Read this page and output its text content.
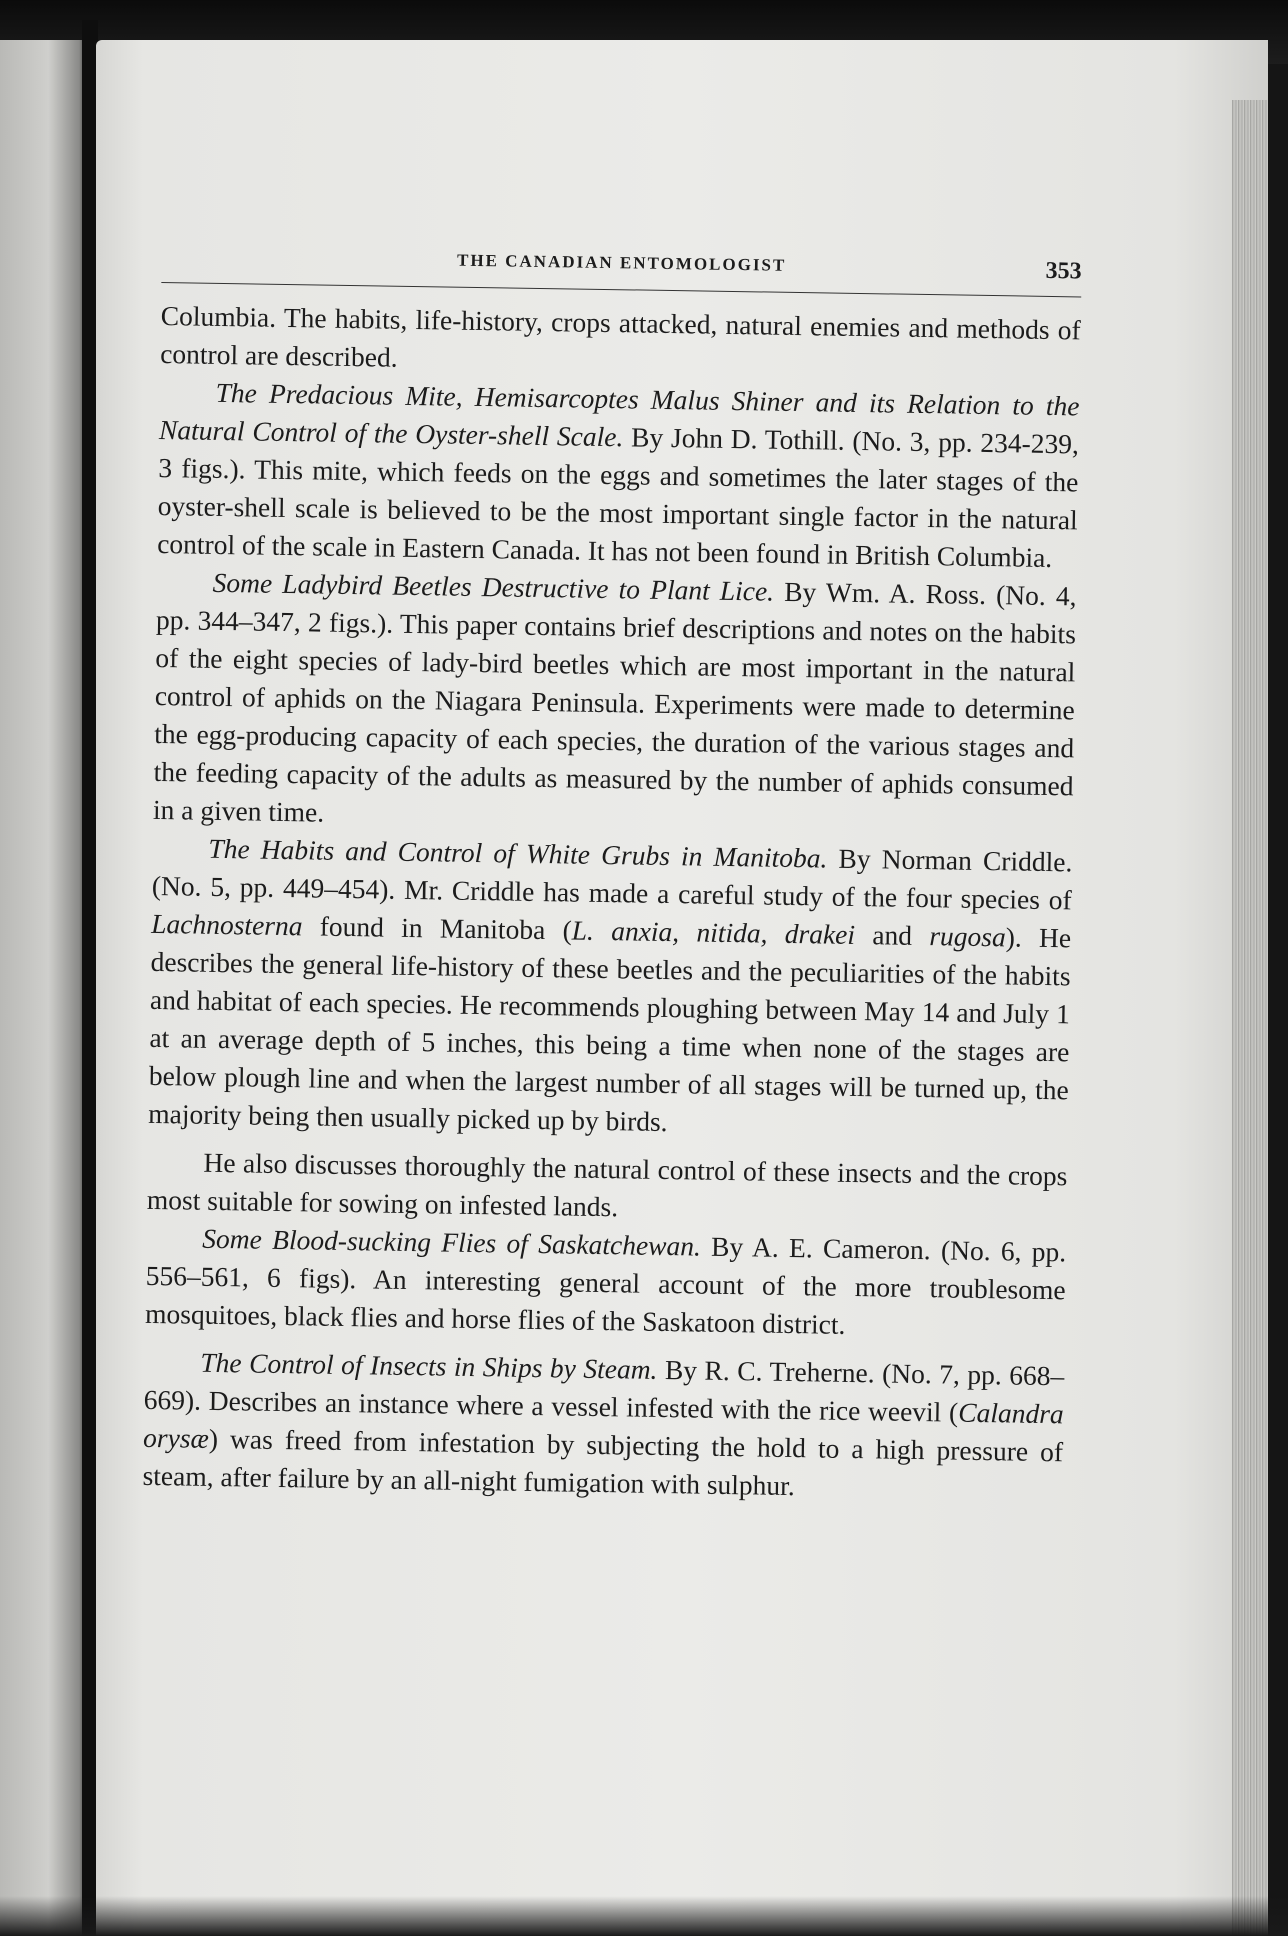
THE CANADIAN ENTOMOLOGIST	353

Columbia. The habits, life-history, crops attacked, natural enemies and methods of control are described.

The Predacious Mite, Hemisarcoptes Malus Shiner and its Relation to the Natural Control of the Oyster-shell Scale. By John D. Tothill. (No. 3, pp. 234-239, 3 figs.). This mite, which feeds on the eggs and sometimes the later stages of the oyster-shell scale is believed to be the most important single factor in the natural control of the scale in Eastern Canada. It has not been found in British Columbia.

Some Ladybird Beetles Destructive to Plant Lice. By Wm. A. Ross. (No. 4, pp. 344–347, 2 figs.). This paper contains brief descriptions and notes on the habits of the eight species of lady-bird beetles which are most important in the natural control of aphids on the Niagara Peninsula. Experiments were made to determine the egg-producing capacity of each species, the duration of the various stages and the feeding capacity of the adults as measured by the number of aphids consumed in a given time.

The Habits and Control of White Grubs in Manitoba. By Norman Criddle. (No. 5, pp. 449–454). Mr. Criddle has made a careful study of the four species of Lachnosterna found in Manitoba (L. anxia, nitida, drakei and rugosa). He describes the general life-history of these beetles and the peculiarities of the habits and habitat of each species. He recommends ploughing between May 14 and July 1 at an average depth of 5 inches, this being a time when none of the stages are below plough line and when the largest number of all stages will be turned up, the majority being then usually picked up by birds.

He also discusses thoroughly the natural control of these insects and the crops most suitable for sowing on infested lands.

Some Blood-sucking Flies of Saskatchewan. By A. E. Cameron. (No. 6, pp. 556–561, 6 figs). An interesting general account of the more troublesome mosquitoes, black flies and horse flies of the Saskatoon district.

The Control of Insects in Ships by Steam. By R. C. Treherne. (No. 7, pp. 668–669). Describes an instance where a vessel infested with the rice weevil (Calandra orysæ) was freed from infestation by subjecting the hold to a high pressure of steam, after failure by an all-night fumigation with sulphur.
